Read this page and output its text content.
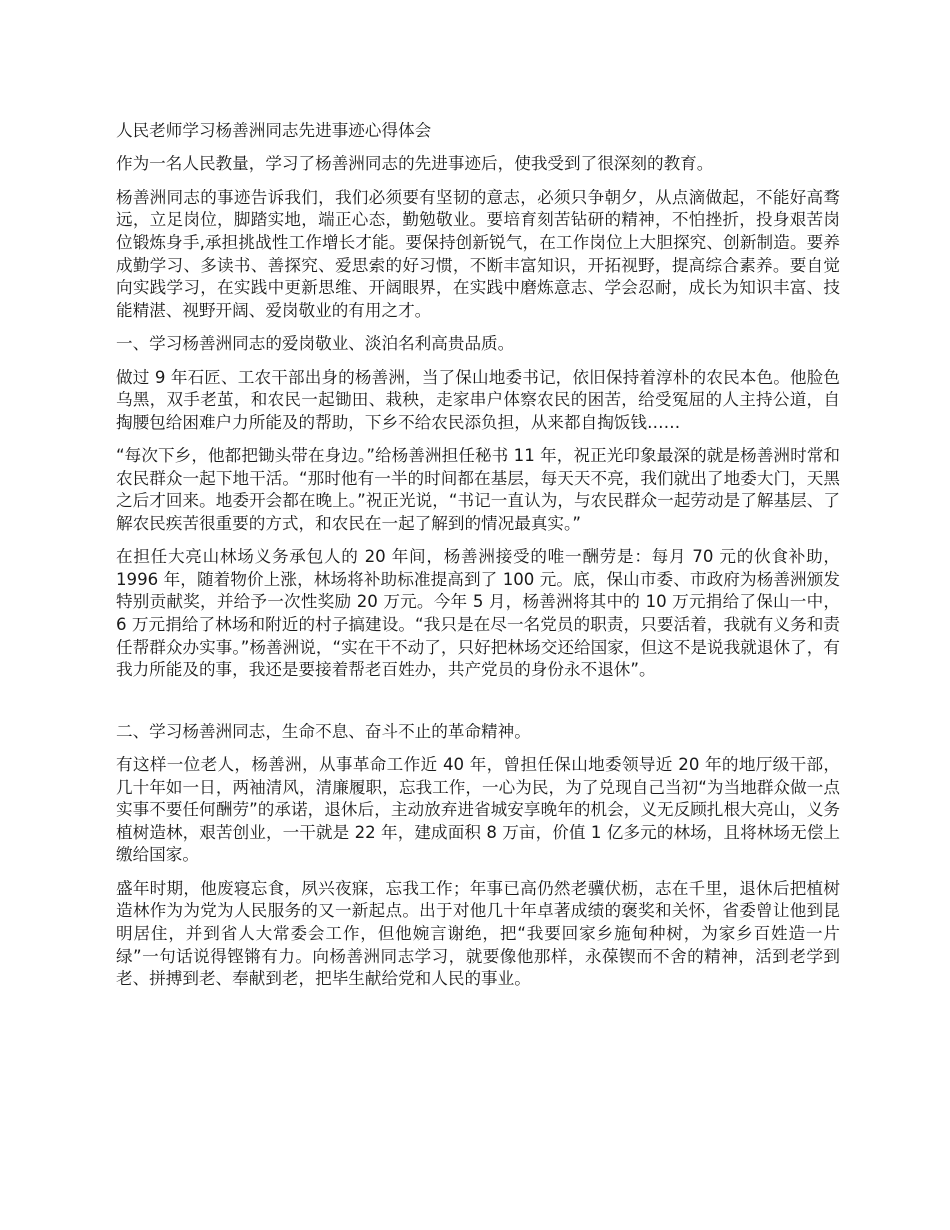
人民老师学习杨善洲同志先进事迹心得体会

作为一名人民教量，学习了杨善洲同志的先进事迹后，使我受到了很深刻的教育。

杨善洲同志的事迹告诉我们，我们必须要有坚韧的意志，必须只争朝夕，从点滴做起，不能好高骛远，立足岗位，脚踏实地，端正心态，勤勉敬业。要培育刻苦钻研的精神，不怕挫折，投身艰苦岗位锻炼身手,承担挑战性工作增长才能。要保持创新锐气，在工作岗位上大胆探究、创新制造。要养成勤学习、多读书、善探究、爱思索的好习惯，不断丰富知识，开拓视野，提高综合素养。要自觉向实践学习，在实践中更新思维、开阔眼界，在实践中磨炼意志、学会忍耐，成长为知识丰富、技能精湛、视野开阔、爱岗敬业的有用之才。

一、学习杨善洲同志的爱岗敬业、淡泊名利高贵品质。

做过 9 年石匠、工农干部出身的杨善洲，当了保山地委书记，依旧保持着淳朴的农民本色。他脸色乌黑，双手老茧，和农民一起锄田、栽秧，走家串户体察农民的困苦，给受冤屈的人主持公道，自掏腰包给困难户力所能及的帮助，下乡不给农民添负担，从来都自掏饭钱……

“每次下乡，他都把锄头带在身边。”给杨善洲担任秘书 11 年，祝正光印象最深的就是杨善洲时常和农民群众一起下地干活。“那时他有一半的时间都在基层，每天天不亮，我们就出了地委大门，天黑之后才回来。地委开会都在晚上。”祝正光说，“书记一直认为，与农民群众一起劳动是了解基层、了解农民疾苦很重要的方式，和农民在一起了解到的情况最真实。”

在担任大亮山林场义务承包人的 20 年间，杨善洲接受的唯一酬劳是：每月 70 元的伙食补助，1996 年，随着物价上涨，林场将补助标准提高到了 100 元。底，保山市委、市政府为杨善洲颁发特别贡献奖，并给予一次性奖励 20 万元。今年 5 月，杨善洲将其中的 10 万元捐给了保山一中，6 万元捐给了林场和附近的村子搞建设。“我只是在尽一名党员的职责，只要活着，我就有义务和责任帮群众办实事。”杨善洲说，“实在干不动了，只好把林场交还给国家，但这不是说我就退休了，有我力所能及的事，我还是要接着帮老百姓办，共产党员的身份永不退休”。

二、学习杨善洲同志，生命不息、奋斗不止的革命精神。

有这样一位老人，杨善洲，从事革命工作近 40 年，曾担任保山地委领导近 20 年的地厅级干部，几十年如一日，两袖清风，清廉履职，忘我工作，一心为民，为了兑现自己当初“为当地群众做一点实事不要任何酬劳”的承诺，退休后，主动放弃进省城安享晚年的机会，义无反顾扎根大亮山，义务植树造林，艰苦创业，一干就是 22 年，建成面积 8 万亩，价值 1 亿多元的林场，且将林场无偿上缴给国家。

盛年时期，他废寝忘食，夙兴夜寐，忘我工作；年事已高仍然老骥伏枥，志在千里，退休后把植树造林作为为党为人民服务的又一新起点。出于对他几十年卓著成绩的褒奖和关怀，省委曾让他到昆明居住，并到省人大常委会工作，但他婉言谢绝，把“我要回家乡施甸种树，为家乡百姓造一片绿”一句话说得铿锵有力。向杨善洲同志学习，就要像他那样，永葆锲而不舍的精神，活到老学到老、拼搏到老、奉献到老，把毕生献给党和人民的事业。
